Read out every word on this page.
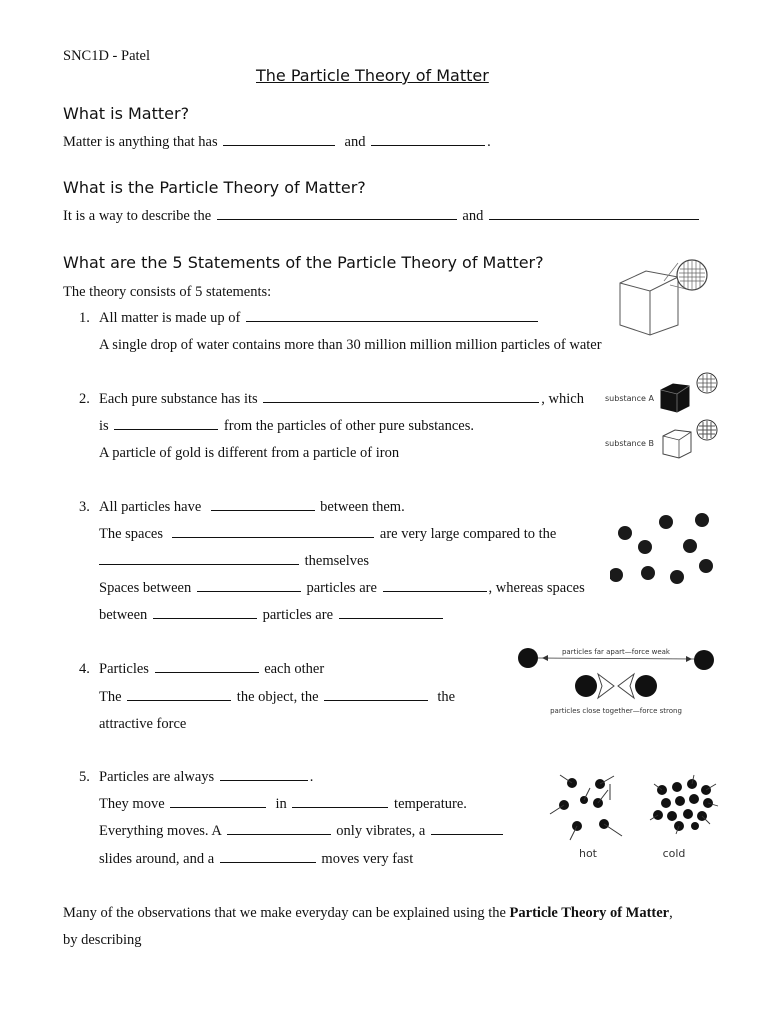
SNC1D - Patel
The Particle Theory of Matter
What is Matter?
Matter is anything that has	and	.
What is the Particle Theory of Matter?
It is a way to describe the	and
What are the 5 Statements of the Particle Theory of Matter?
The theory consists of 5 statements:
1. All matter is made up of
A single drop of water contains more than 30 million million million particles of water
2. Each pure substance has its	, which
is	from the particles of other pure substances.
A particle of gold is different from a particle of iron
3. All particles have	between them.
The spaces	are very large compared to the
themselves
Spaces between	particles are	, whereas spaces
between	particles are
4. Particles	each other
The	the object, the	the
attractive force
5. Particles are always	.
They move	in	temperature.
Everything moves. A	only vibrates, a
slides around, and a	moves very fast
Many of the observations that we make everyday can be explained using the Particle Theory of Matter,
by describing
substance A
substance B
particles far apart—force weak
particles close together—force strong
hot	cold
